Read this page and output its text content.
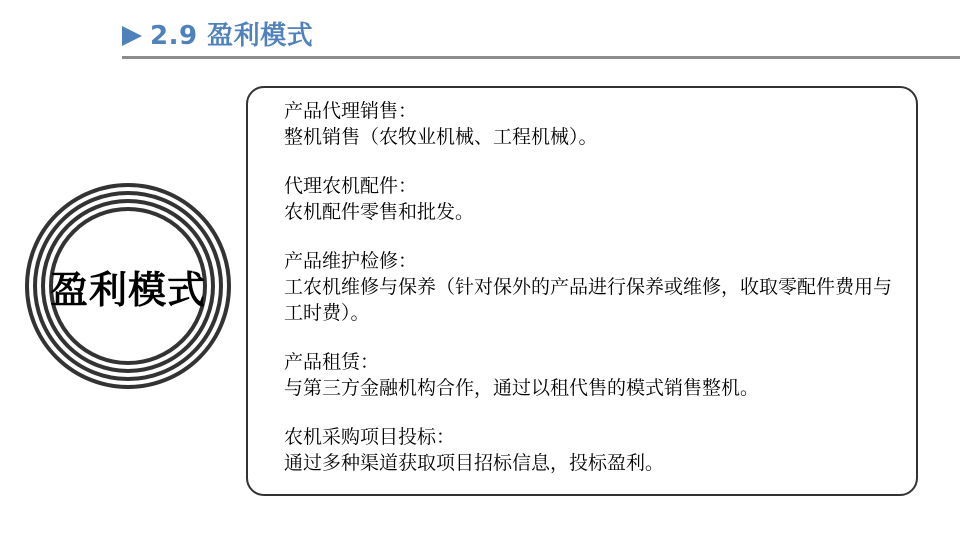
2.9 盈利模式
盈利模式

产品代理销售：

整机销售（农牧业机械、工程机械）。

代理农机配件：

农机配件零售和批发。

产品维护检修：

工农机维修与保养（针对保外的产品进行保养或维修，收取零配件费用与工时费）。

产品租赁：

与第三方金融机构合作，通过以租代售的模式销售整机。

农机采购项目投标：

通过多种渠道获取项目招标信息，投标盈利。
